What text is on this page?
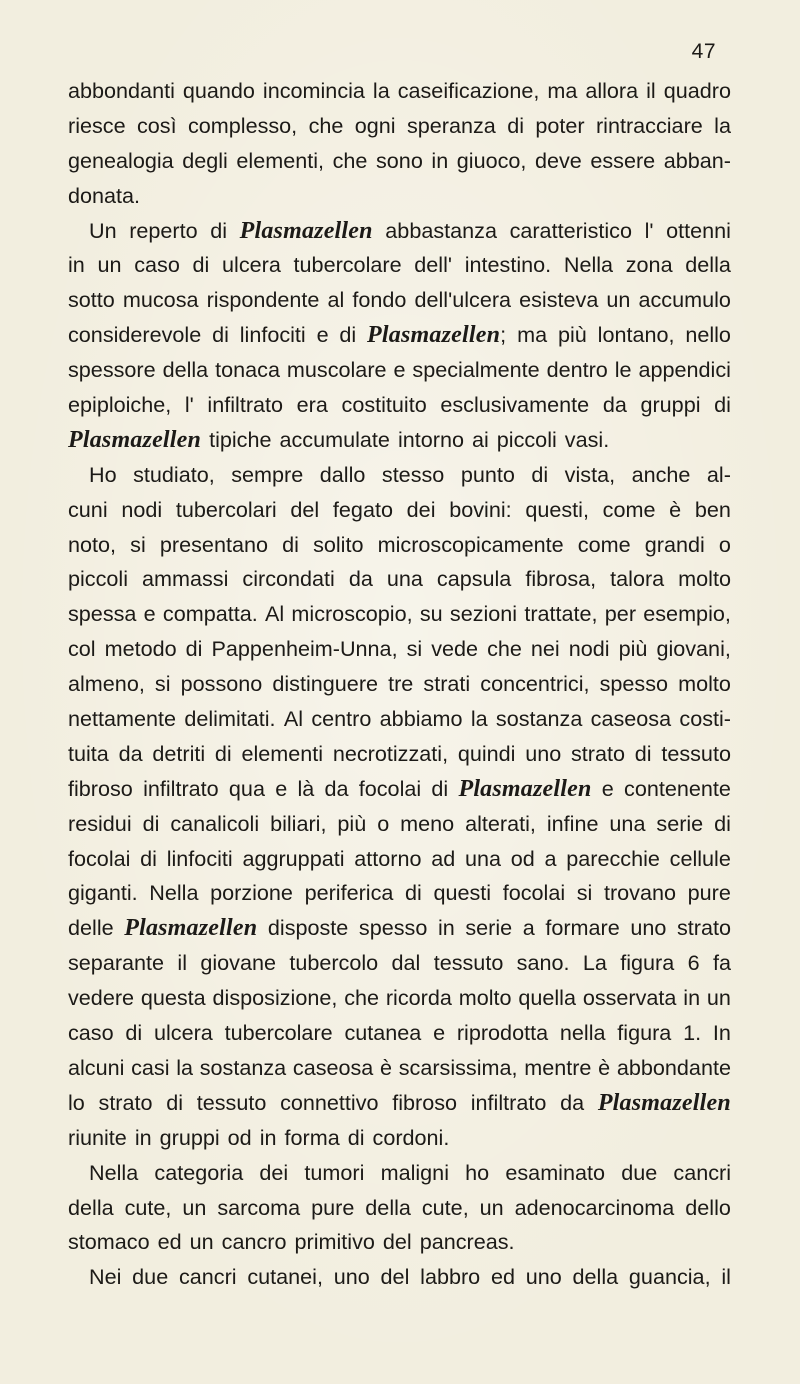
47
abbondanti quando incomincia la caseificazione, ma allora il quadro
riesce così complesso, che ogni speranza di poter rintracciare la
genealogia degli elementi, che sono in giuoco, deve essere abban-
donata.
Un reperto di Plasmazellen abbastanza caratteristico l' ottenni
in un caso di ulcera tubercolare dell' intestino. Nella zona della
sotto mucosa rispondente al fondo dell'ulcera esisteva un accumulo
considerevole di linfociti e di Plasmazellen; ma più lontano, nello
spessore della tonaca muscolare e specialmente dentro le appendici
epiploiche, l' infiltrato era costituito esclusivamente da gruppi di
Plasmazellen tipiche accumulate intorno ai piccoli vasi.
Ho studiato, sempre dallo stesso punto di vista, anche al-
cuni nodi tubercolari del fegato dei bovini: questi, come è ben
noto, si presentano di solito microscopicamente come grandi o
piccoli ammassi circondati da una capsula fibrosa, talora molto
spessa e compatta. Al microscopio, su sezioni trattate, per esempio,
col metodo di Pappenheim-Unna, si vede che nei nodi più giovani,
almeno, si possono distinguere tre strati concentrici, spesso molto
nettamente delimitati. Al centro abbiamo la sostanza caseosa costi-
tuita da detriti di elementi necrotizzati, quindi uno strato di tessuto
fibroso infiltrato qua e là da focolai di Plasmazellen e contenente
residui di canalicoli biliari, più o meno alterati, infine una serie di
focolai di linfociti aggruppati attorno ad una od a parecchie cellule
giganti. Nella porzione periferica di questi focolai si trovano pure
delle Plasmazellen disposte spesso in serie a formare uno strato
separante il giovane tubercolo dal tessuto sano. La figura 6 fa
vedere questa disposizione, che ricorda molto quella osservata in un
caso di ulcera tubercolare cutanea e riprodotta nella figura 1. In
alcuni casi la sostanza caseosa è scarsissima, mentre è abbondante
lo strato di tessuto connettivo fibroso infiltrato da Plasmazellen
riunite in gruppi od in forma di cordoni.
Nella categoria dei tumori maligni ho esaminato due cancri
della cute, un sarcoma pure della cute, un adenocarcinoma dello
stomaco ed un cancro primitivo del pancreas.
Nei due cancri cutanei, uno del labbro ed uno della guancia, il
